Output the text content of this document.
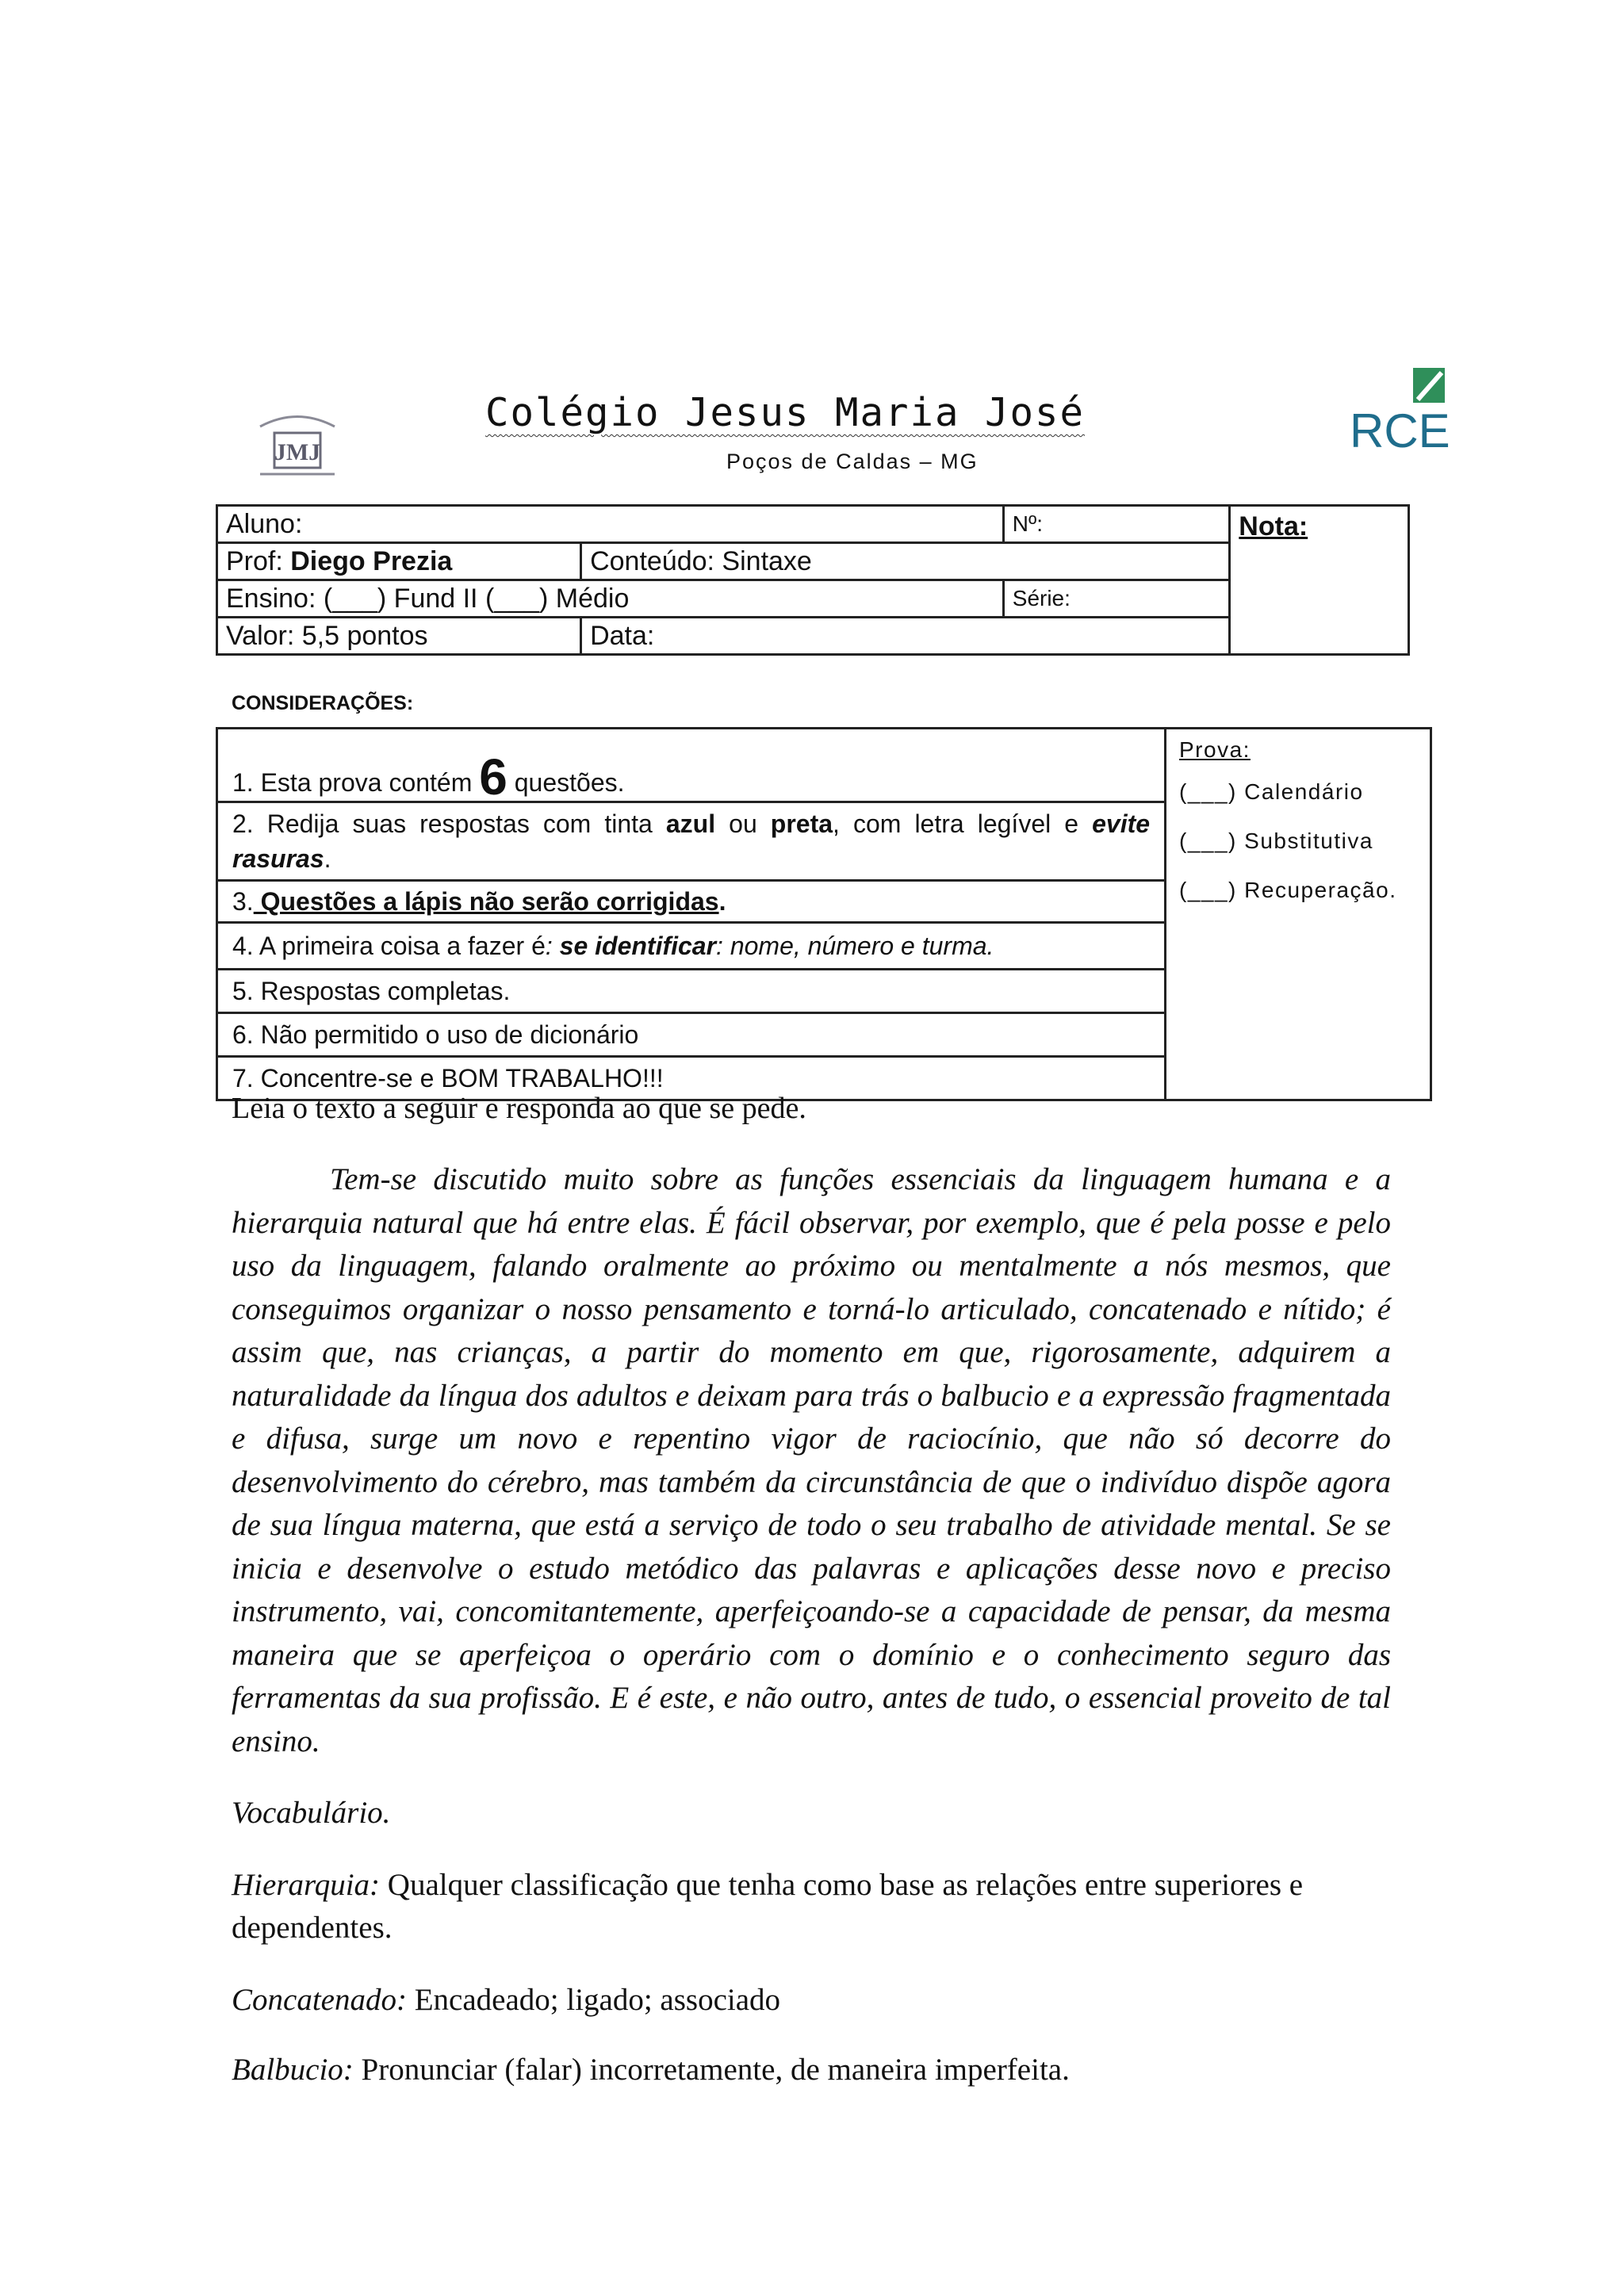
JMJ
Colégio Jesus Maria José
Poços de Caldas – MG
RCE
Aluno:		Nº:	Nota:
Prof: Diego Prezia	Conteúdo: Sintaxe		
Ensino: (___) Fund II (___) Médio		Série:	
Valor: 5,5 pontos	Data:		
CONSIDERAÇÕES:
1. Esta prova contém 6 questões.	
Prova:
(___) Calendário
(___) Substitutiva
(___) Recuperação.

2. Redija suas respostas com tinta azul ou preta, com letra legível e evite rasuras.
3. Questões a lápis não serão corrigidas.
4. A primeira coisa a fazer é: se identificar: nome, número e turma.
5. Respostas completas.
6. Não permitido o uso de dicionário
7. Concentre-se e BOM TRABALHO!!!
Leia o texto a seguir e responda ao que se pede.
Tem-se discutido muito sobre as funções essenciais da linguagem humana e a hierarquia natural que há entre elas. É fácil observar, por exemplo, que é pela posse e pelo uso da linguagem, falando oralmente ao próximo ou mentalmente a nós mesmos, que conseguimos organizar o nosso pensamento e torná-lo articulado, concatenado e nítido; é assim que, nas crianças, a partir do momento em que, rigorosamente, adquirem a naturalidade da língua dos adultos e deixam para trás o balbucio e a expressão fragmentada e difusa, surge um novo e repentino vigor de raciocínio, que não só decorre do desenvolvimento do cérebro, mas também da circunstância de que o indivíduo dispõe agora de sua língua materna, que está a serviço de todo o seu trabalho de atividade mental. Se se inicia e desenvolve o estudo metódico das palavras e aplicações desse novo e preciso instrumento, vai, concomitantemente, aperfeiçoando-se a capacidade de pensar, da mesma maneira que se aperfeiçoa o operário com o domínio e o conhecimento seguro das ferramentas da sua profissão. E é este, e não outro, antes de tudo, o essencial proveito de tal ensino.
Vocabulário.
Hierarquia: Qualquer classificação que tenha como base as relações entre superiores e dependentes.
Concatenado: Encadeado; ligado; associado
Balbucio: Pronunciar (falar) incorretamente, de maneira imperfeita.
